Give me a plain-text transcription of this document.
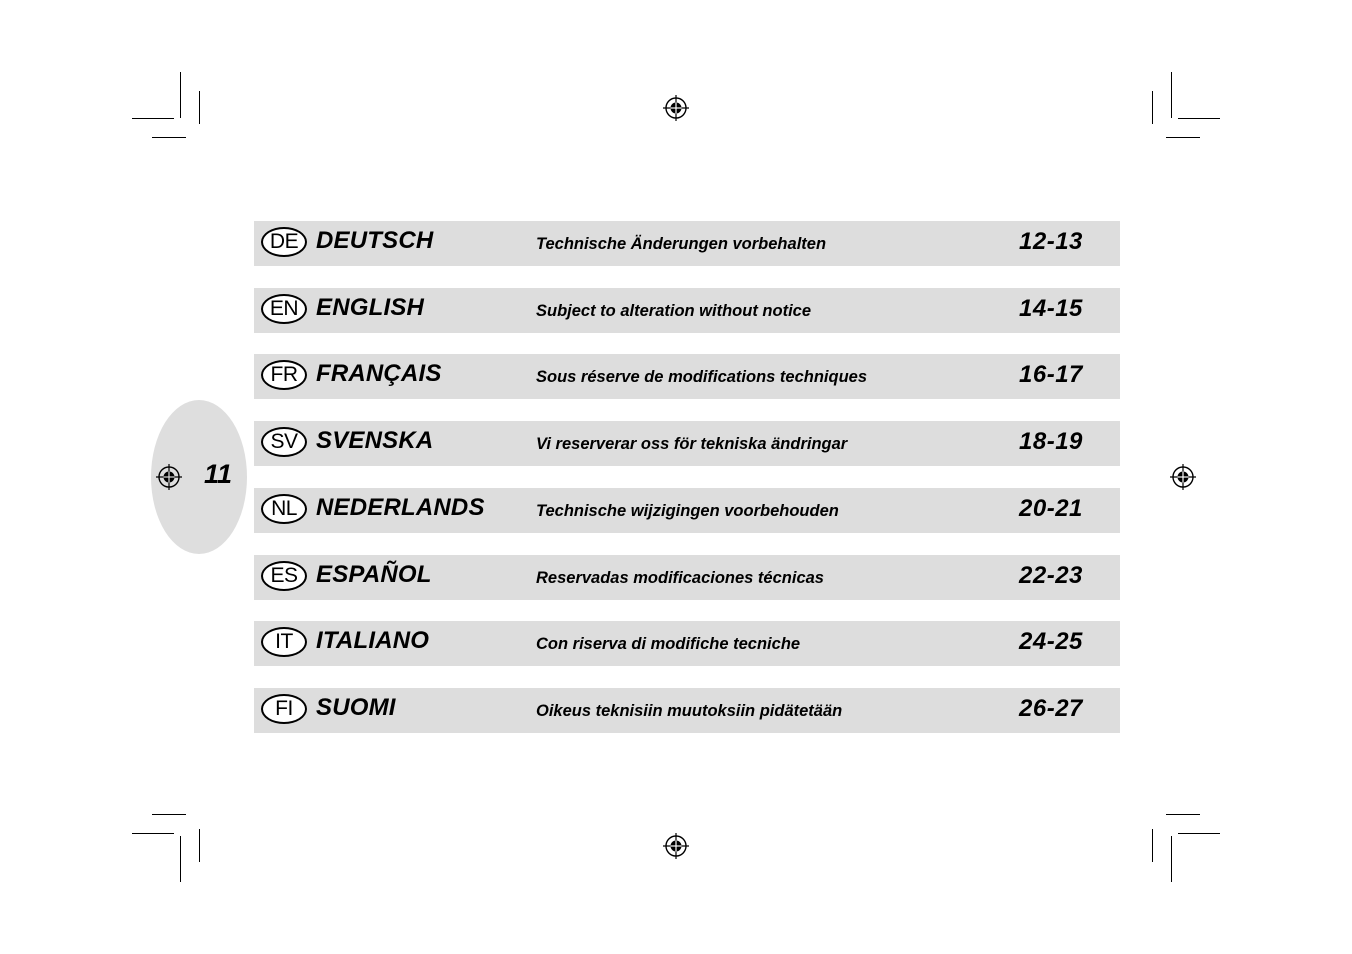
11
DE DEUTSCH	Technische Änderungen vorbehalten	12-13
EN ENGLISH	Subject to alteration without notice	14-15
FR FRANÇAIS	Sous réserve de modifications techniques	16-17
SV SVENSKA	Vi reserverar oss för tekniska ändringar	18-19
NL NEDERLANDS	Technische wijzigingen voorbehouden	20-21
ES ESPAÑOL	Reservadas modificaciones técnicas	22-23
IT ITALIANO	Con riserva di modifiche tecniche	24-25
FI SUOMI	Oikeus teknisiin muutoksiin pidätetään	26-27
